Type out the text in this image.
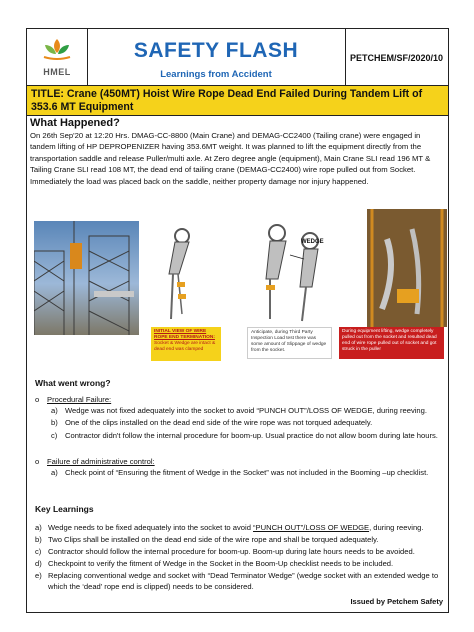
HMEL
SAFETY FLASH
Learnings from Accident
PETCHEM/SF/2020/10
TITLE: Crane (450MT) Hoist Wire Rope Dead End Failed During Tandem Lift of 353.6 MT Equipment
What Happened?
On 26th Sep'20 at 12:20 Hrs. DMAG-CC-8800 (Main Crane) and DEMAG-CC2400 (Tailing crane) were engaged in tandem lifting of HP DEPROPENIZER having 353.6MT weight. It was planned to lift the equipment directly from the transportation saddle and release Puller/multi axle. At Zero degree angle (equipment), Main Crane SLI read 196 MT & Tailing Crane SLI read 108 MT, the dead end of tailing crane (DEMAG-CC2400) wire rope pulled out from Socket. Immediately the load was placed back on the saddle, neither property damage nor injury happened.
INITIAL VIEW OF WIRE ROPE END TERMINATION:
Socket & Wedge are intact & dead end was clamped
WEDGE
Anticipate, during Third Party Inspection Load test there was some amount of Slippage of wedge from the socket.
During equipment lifting, wedge completely pulled out from the socket and resulted dead end of wire rope pulled out of socket and got struck in the puller
What went wrong?
o Procedural Failure:
a) Wedge was not fixed adequately into the socket to avoid “PUNCH OUT”/LOSS OF WEDGE, during reeving.
b) One of the clips installed on the dead end side of the wire rope was not torqued adequately.
c) Contractor didn't follow the internal procedure for boom-up. Usual practice do not allow boom during late hours.
o Failure of administrative control:
a) Check point of “Ensuring the fitment of Wedge in the Socket” was not included in the Booming –up checklist.
Key Learnings
a) Wedge needs to be fixed adequately into the socket to avoid “PUNCH OUT”/LOSS OF WEDGE, during reeving.
b) Two Clips shall be installed on the dead end side of the wire rope and shall be torqued adequately.
c) Contractor should follow the internal procedure for boom-up. Boom-up during late hours needs to be avoided.
d) Checkpoint to verify the fitment of Wedge in the Socket in the Boom-Up checklist needs to be included.
e) Replacing conventional wedge and socket with “Dead Terminator Wedge” (wedge socket with an extended wedge to which the ‘dead’ rope end is clipped) needs to be considered.
Issued by Petchem Safety
